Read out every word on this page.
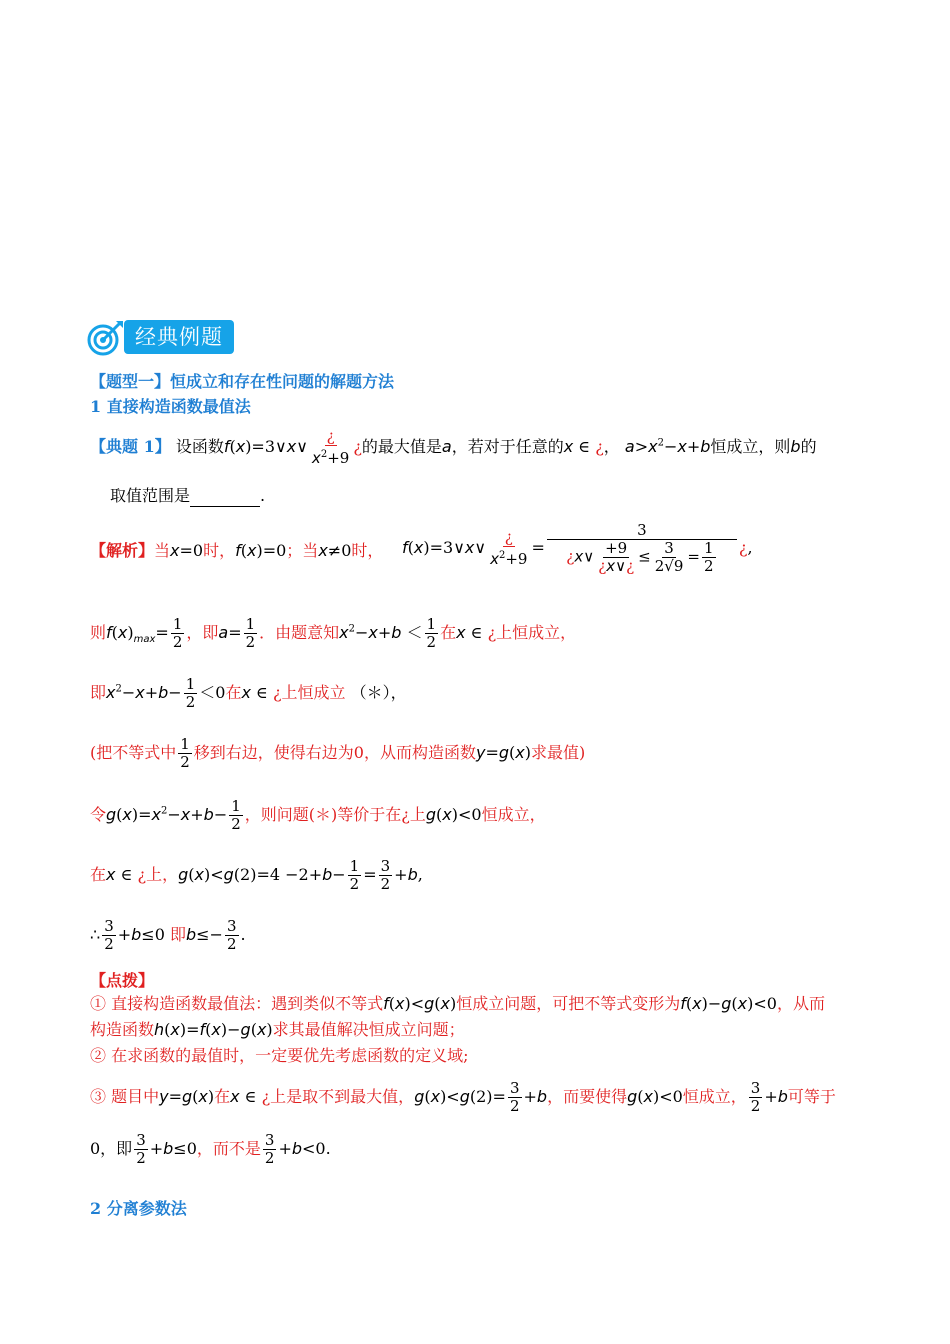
经典例题
【题型一】恒成立和存在性问题的解题方法
1 直接构造函数最值法
【典题 1】 设函数f(x)=3∨x∨ $\frac{¿}{x^2+9}$ ¿的最大值是a，若对于任意的x ∈ ¿， $a>x^2-x+b$恒成立，则b的
取值范围是	.
【解析】当x=0时，f(x)=0；当x≠0时， f(x)=3∨x∨ $\frac{¿}{x^2+9} = \frac{3}{¿x\vee \frac{+9}{¿x\vee¿} \le \frac{3}{2√9} = \frac{1}{2}}$ ¿,
则$f(x)_{max}= \frac{1}{2}$ ，即$a= \frac{1}{2}$ ．由题意知$x^2-x+b < \frac{1}{2}$ 在x ∈ ¿上恒成立，
即$x^2-x+b- \frac{1}{2} <0$在x ∈ ¿上恒成立 （＊），
(把不等式中 $\frac{1}{2}$ 移到右边，使得右边为0，从而构造函数y=g(x)求最值)
令$g(x)=x^2-x+b- \frac{1}{2}$ ，则问题(＊)等价于在¿上g(x)<0恒成立，
在x ∈ ¿上，$g(x)<g(2)=4 -2+b- \frac{1}{2} = \frac{3}{2} +b$,
∴ $\frac{3}{2} +b\le 0$ 即$b\le- \frac{3}{2}$ .
【点拨】
① 直接构造函数最值法：遇到类似不等式f(x)<g(x)恒成立问题，可把不等式变形为f(x)−g(x)<0，从而
构造函数h(x)=f(x)−g(x)求其最值解决恒成立问题；
② 在求函数的最值时，一定要优先考虑函数的定义域;
③ 题目中y=g(x)在x ∈ ¿上是取不到最大值，$g(x)<g(2)= \frac{3}{2} +b$，而要使得g(x)<0恒成立， $\frac{3}{2} +b$可等于
0，即 $\frac{3}{2} +b\le 0$，而不是 $\frac{3}{2} +b<0$.
2 分离参数法
